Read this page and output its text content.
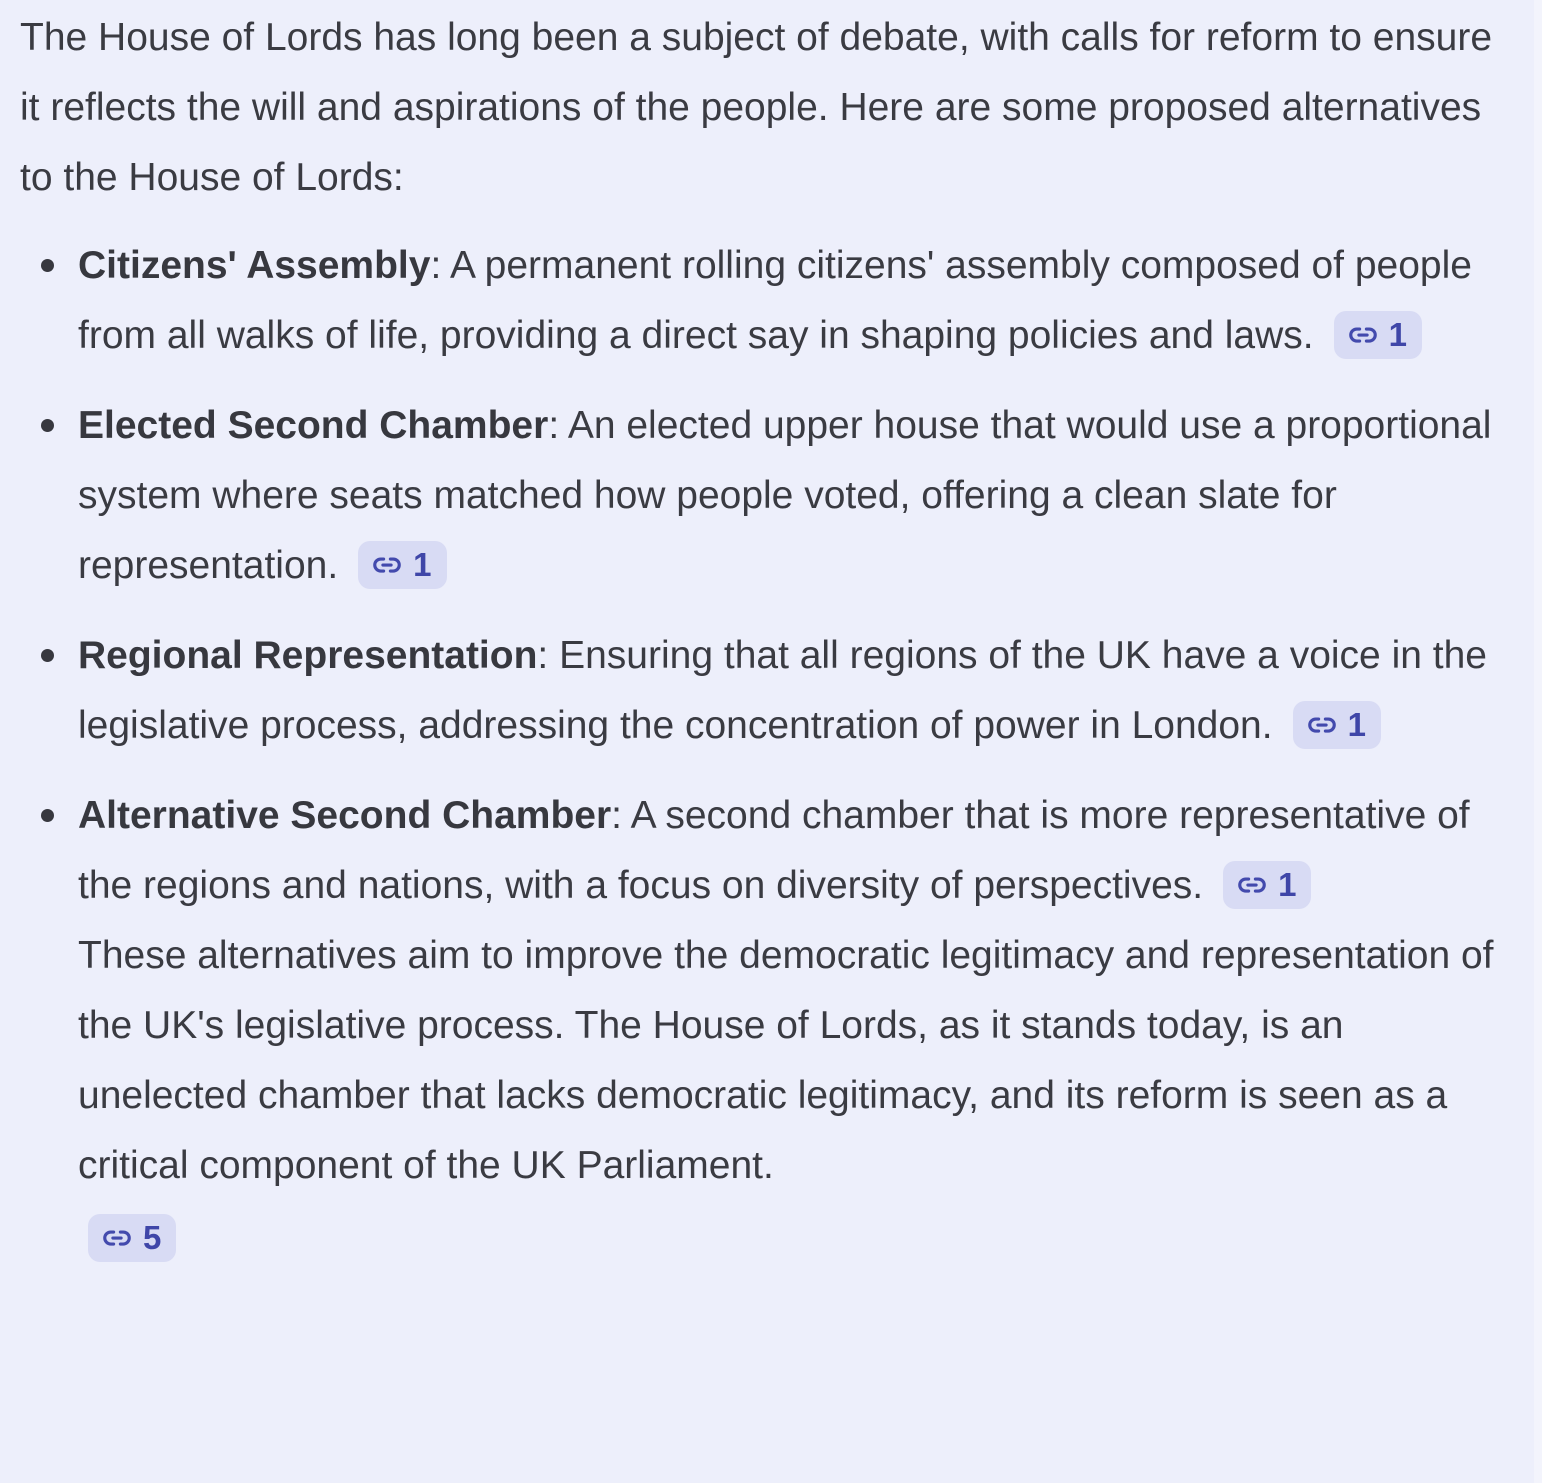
The House of Lords has long been a subject of debate, with calls for reform to ensure it reflects the will and aspirations of the people. Here are some proposed alternatives to the House of Lords:

Citizens' Assembly: A permanent rolling citizens' assembly composed of people from all walks of life, providing a direct say in shaping policies and laws. 1
Elected Second Chamber: An elected upper house that would use a proportional system where seats matched how people voted, offering a clean slate for representation. 1
Regional Representation: Ensuring that all regions of the UK have a voice in the legislative process, addressing the concentration of power in London. 1
Alternative Second Chamber: A second chamber that is more representative of the regions and nations, with a focus on diversity of perspectives. 1

These alternatives aim to improve the democratic legitimacy and representation of the UK's legislative process. The House of Lords, as it stands today, is an unelected chamber that lacks democratic legitimacy, and its reform is seen as a critical component of the UK Parliament.

5
